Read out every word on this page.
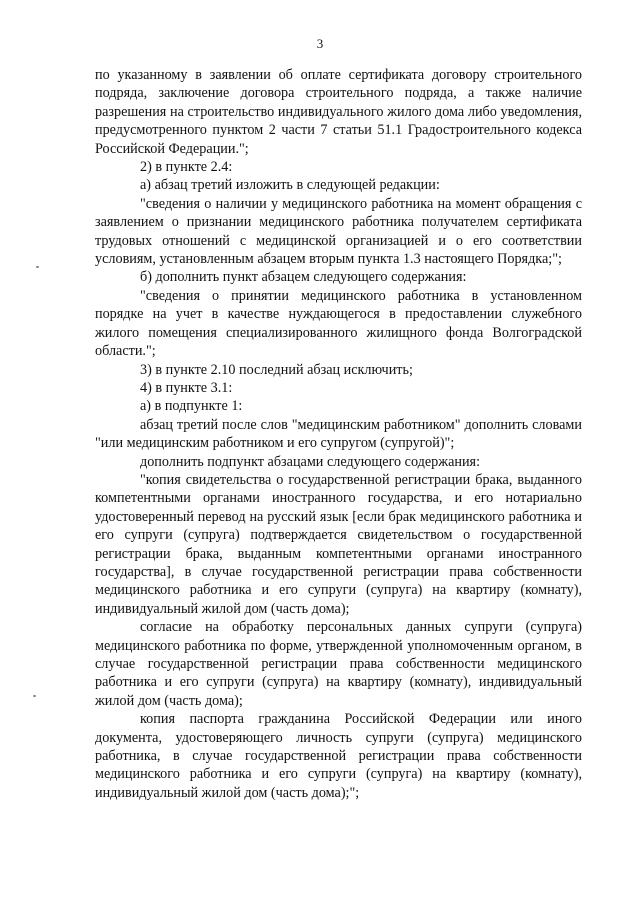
3

по указанному в заявлении об оплате сертификата договору строительного подряда, заключение договора строительного подряда, а также наличие разрешения на строительство индивидуального жилого дома либо уведомления, предусмотренного пунктом 2 части 7 статьи 51.1 Градостроительного кодекса Российской Федерации.";

2) в пункте 2.4:

а) абзац третий изложить в следующей редакции:

"сведения о наличии у медицинского работника на момент обращения с заявлением о признании медицинского работника получателем сертификата трудовых отношений с медицинской организацией и о его соответствии условиям, установленным абзацем вторым пункта 1.3 настоящего Порядка;";

б) дополнить пункт абзацем следующего содержания:

"сведения о принятии медицинского работника в установленном порядке на учет в качестве нуждающегося в предоставлении служебного жилого помещения специализированного жилищного фонда Волгоградской области.";

3) в пункте 2.10 последний абзац исключить;

4) в пункте 3.1:

а) в подпункте 1:

абзац третий после слов "медицинским работником" дополнить словами "или медицинским работником и его супругом (супругой)";

дополнить подпункт абзацами следующего содержания:

"копия свидетельства о государственной регистрации брака, выданного компетентными органами иностранного государства, и его нотариально удостоверенный перевод на русский язык [если брак медицинского работника и его супруги (супруга) подтверждается свидетельством о государственной регистрации брака, выданным компетентными органами иностранного государства], в случае государственной регистрации права собственности медицинского работника и его супруги (супруга) на квартиру (комнату), индивидуальный жилой дом (часть дома);

согласие на обработку персональных данных супруги (супруга) медицинского работника по форме, утвержденной уполномоченным органом, в случае государственной регистрации права собственности медицинского работника и его супруги (супруга) на квартиру (комнату), индивидуальный жилой дом (часть дома);

копия паспорта гражданина Российской Федерации или иного документа, удостоверяющего личность супруги (супруга) медицинского работника, в случае государственной регистрации права собственности медицинского работника и его супруги (супруга) на квартиру (комнату), индивидуальный жилой дом (часть дома);";
